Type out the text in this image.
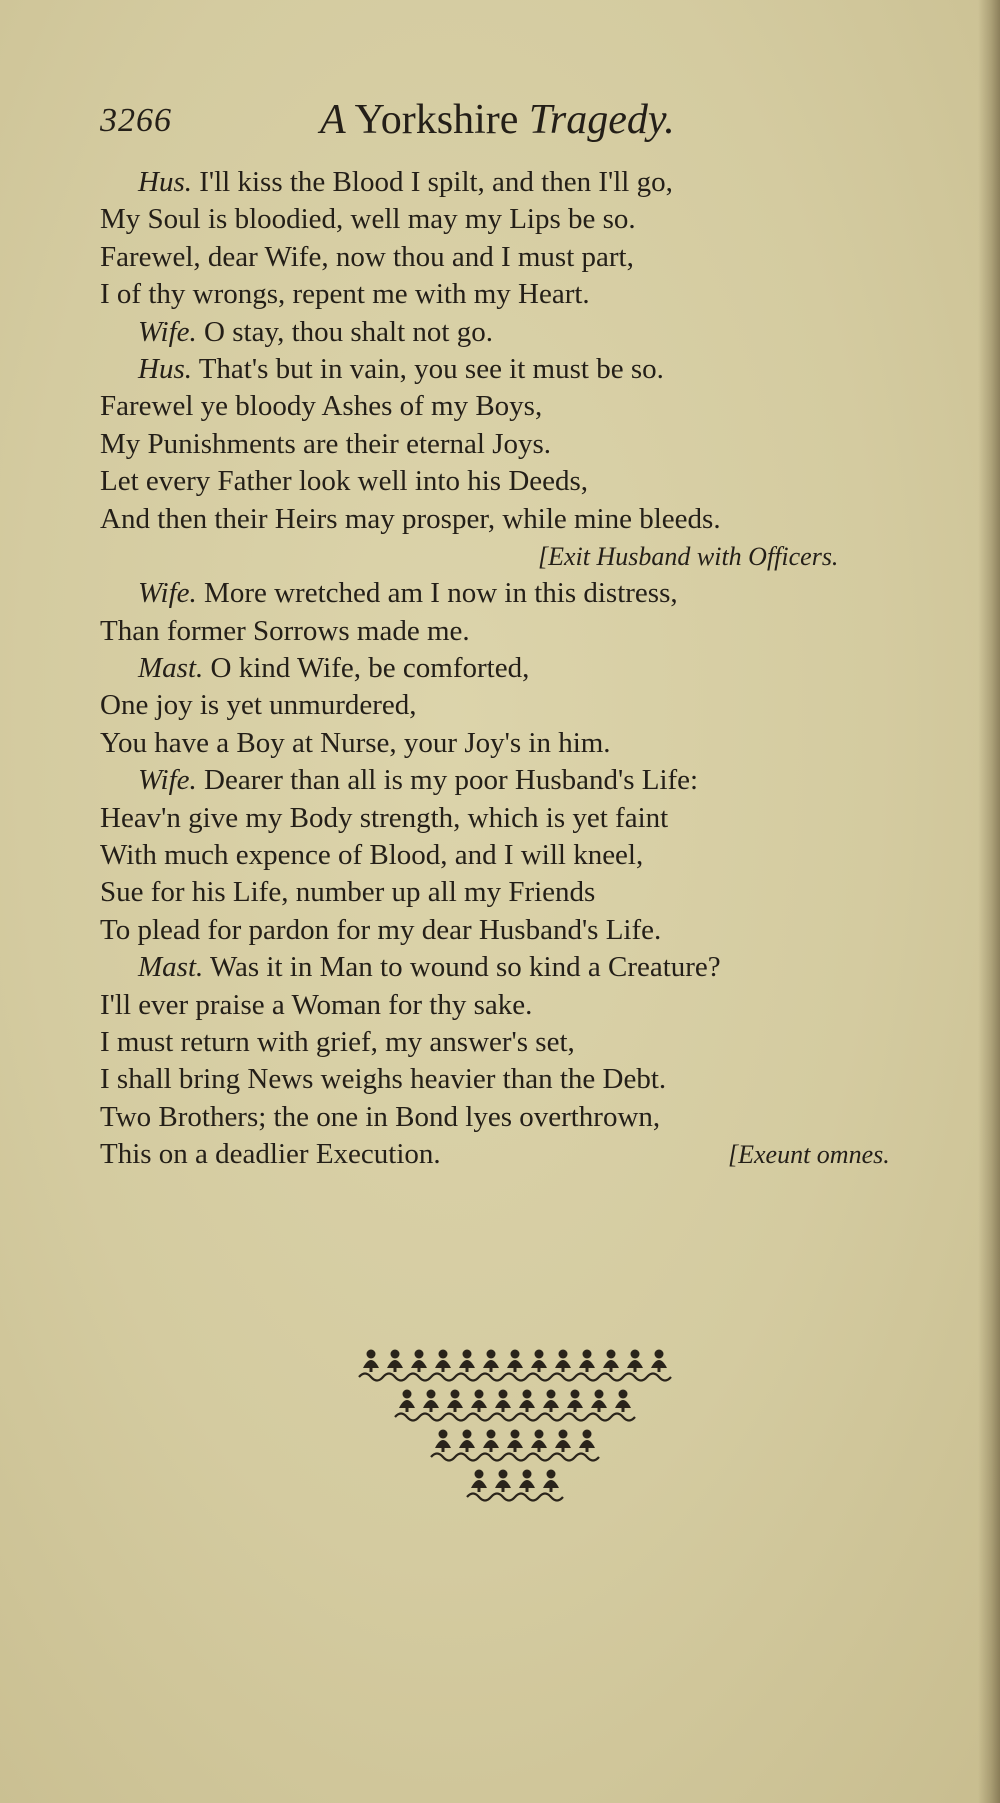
3266	A Yorkshire Tragedy.
Hus. I'll kiss the Blood I spilt, and then I'll go,
My Soul is bloodied, well may my Lips be so.
Farewel, dear Wife, now thou and I must part,
I of thy wrongs, repent me with my Heart.
Wife. O stay, thou shalt not go.
Hus. That's but in vain, you see it must be so.
Farewel ye bloody Ashes of my Boys,
My Punishments are their eternal Joys.
Let every Father look well into his Deeds,
And then their Heirs may prosper, while mine bleeds.
[Exit Husband with Officers.
Wife. More wretched am I now in this distress,
Than former Sorrows made me.
Mast. O kind Wife, be comforted,
One joy is yet unmurdered,
You have a Boy at Nurse, your Joy's in him.
Wife. Dearer than all is my poor Husband's Life:
Heav'n give my Body strength, which is yet faint
With much expence of Blood, and I will kneel,
Sue for his Life, number up all my Friends
To plead for pardon for my dear Husband's Life.
Mast. Was it in Man to wound so kind a Creature?
I'll ever praise a Woman for thy sake.
I must return with grief, my answer's set,
I shall bring News weighs heavier than the Debt.
Two Brothers; the one in Bond lyes overthrown,
This on a deadlier Execution.	[Exeunt omnes.
